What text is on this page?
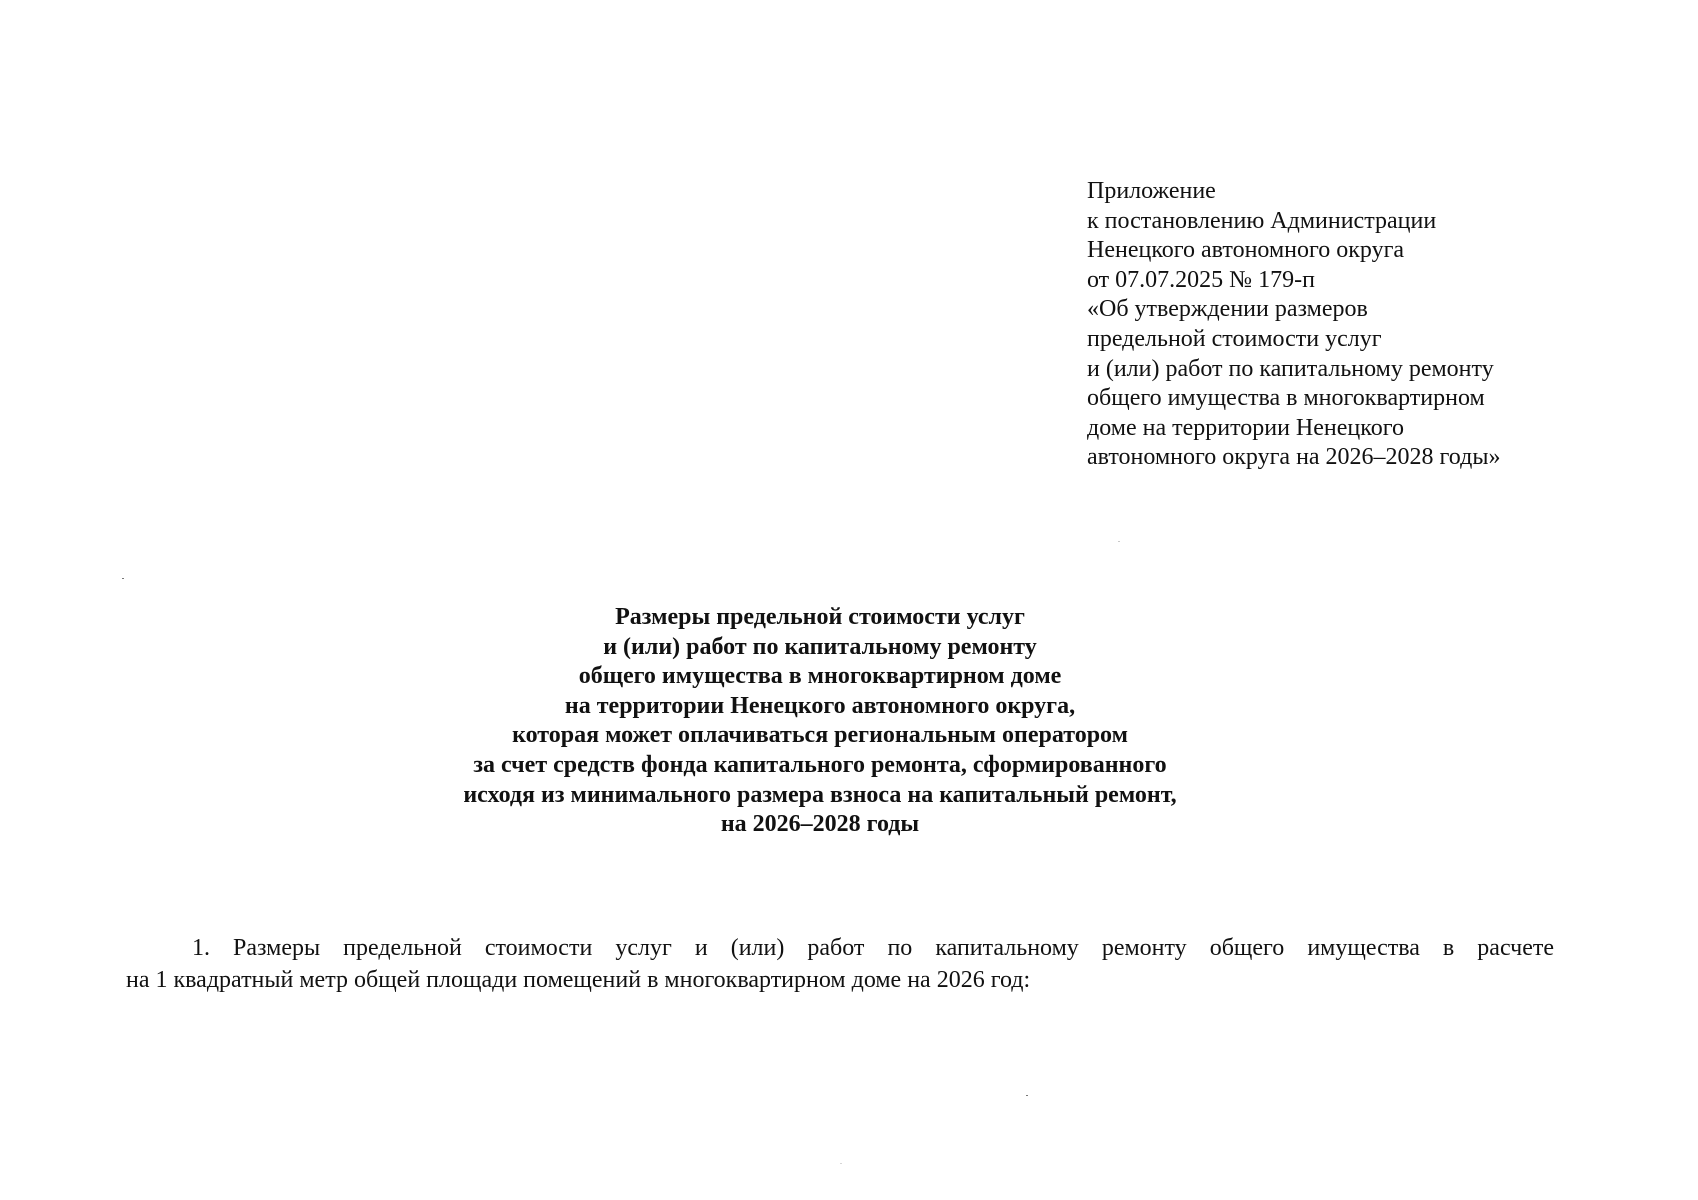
Приложение
к постановлению Администрации
Ненецкого автономного округа
от 07.07.2025 № 179-п
«Об утверждении размеров
предельной стоимости услуг
и (или) работ по капитальному ремонту
общего имущества в многоквартирном
доме на территории Ненецкого
автономного округа на 2026–2028 годы»
Размеры предельной стоимости услуг
и (или) работ по капитальному ремонту
общего имущества в многоквартирном доме
на территории Ненецкого автономного округа,
которая может оплачиваться региональным оператором
за счет средств фонда капитального ремонта, сформированного
исходя из минимального размера взноса на капитальный ремонт,
на 2026–2028 годы
1. Размеры предельной стоимости услуг и (или) работ по капитальному ремонту общего имущества в расчете
на 1 квадратный метр общей площади помещений в многоквартирном доме на 2026 год:
